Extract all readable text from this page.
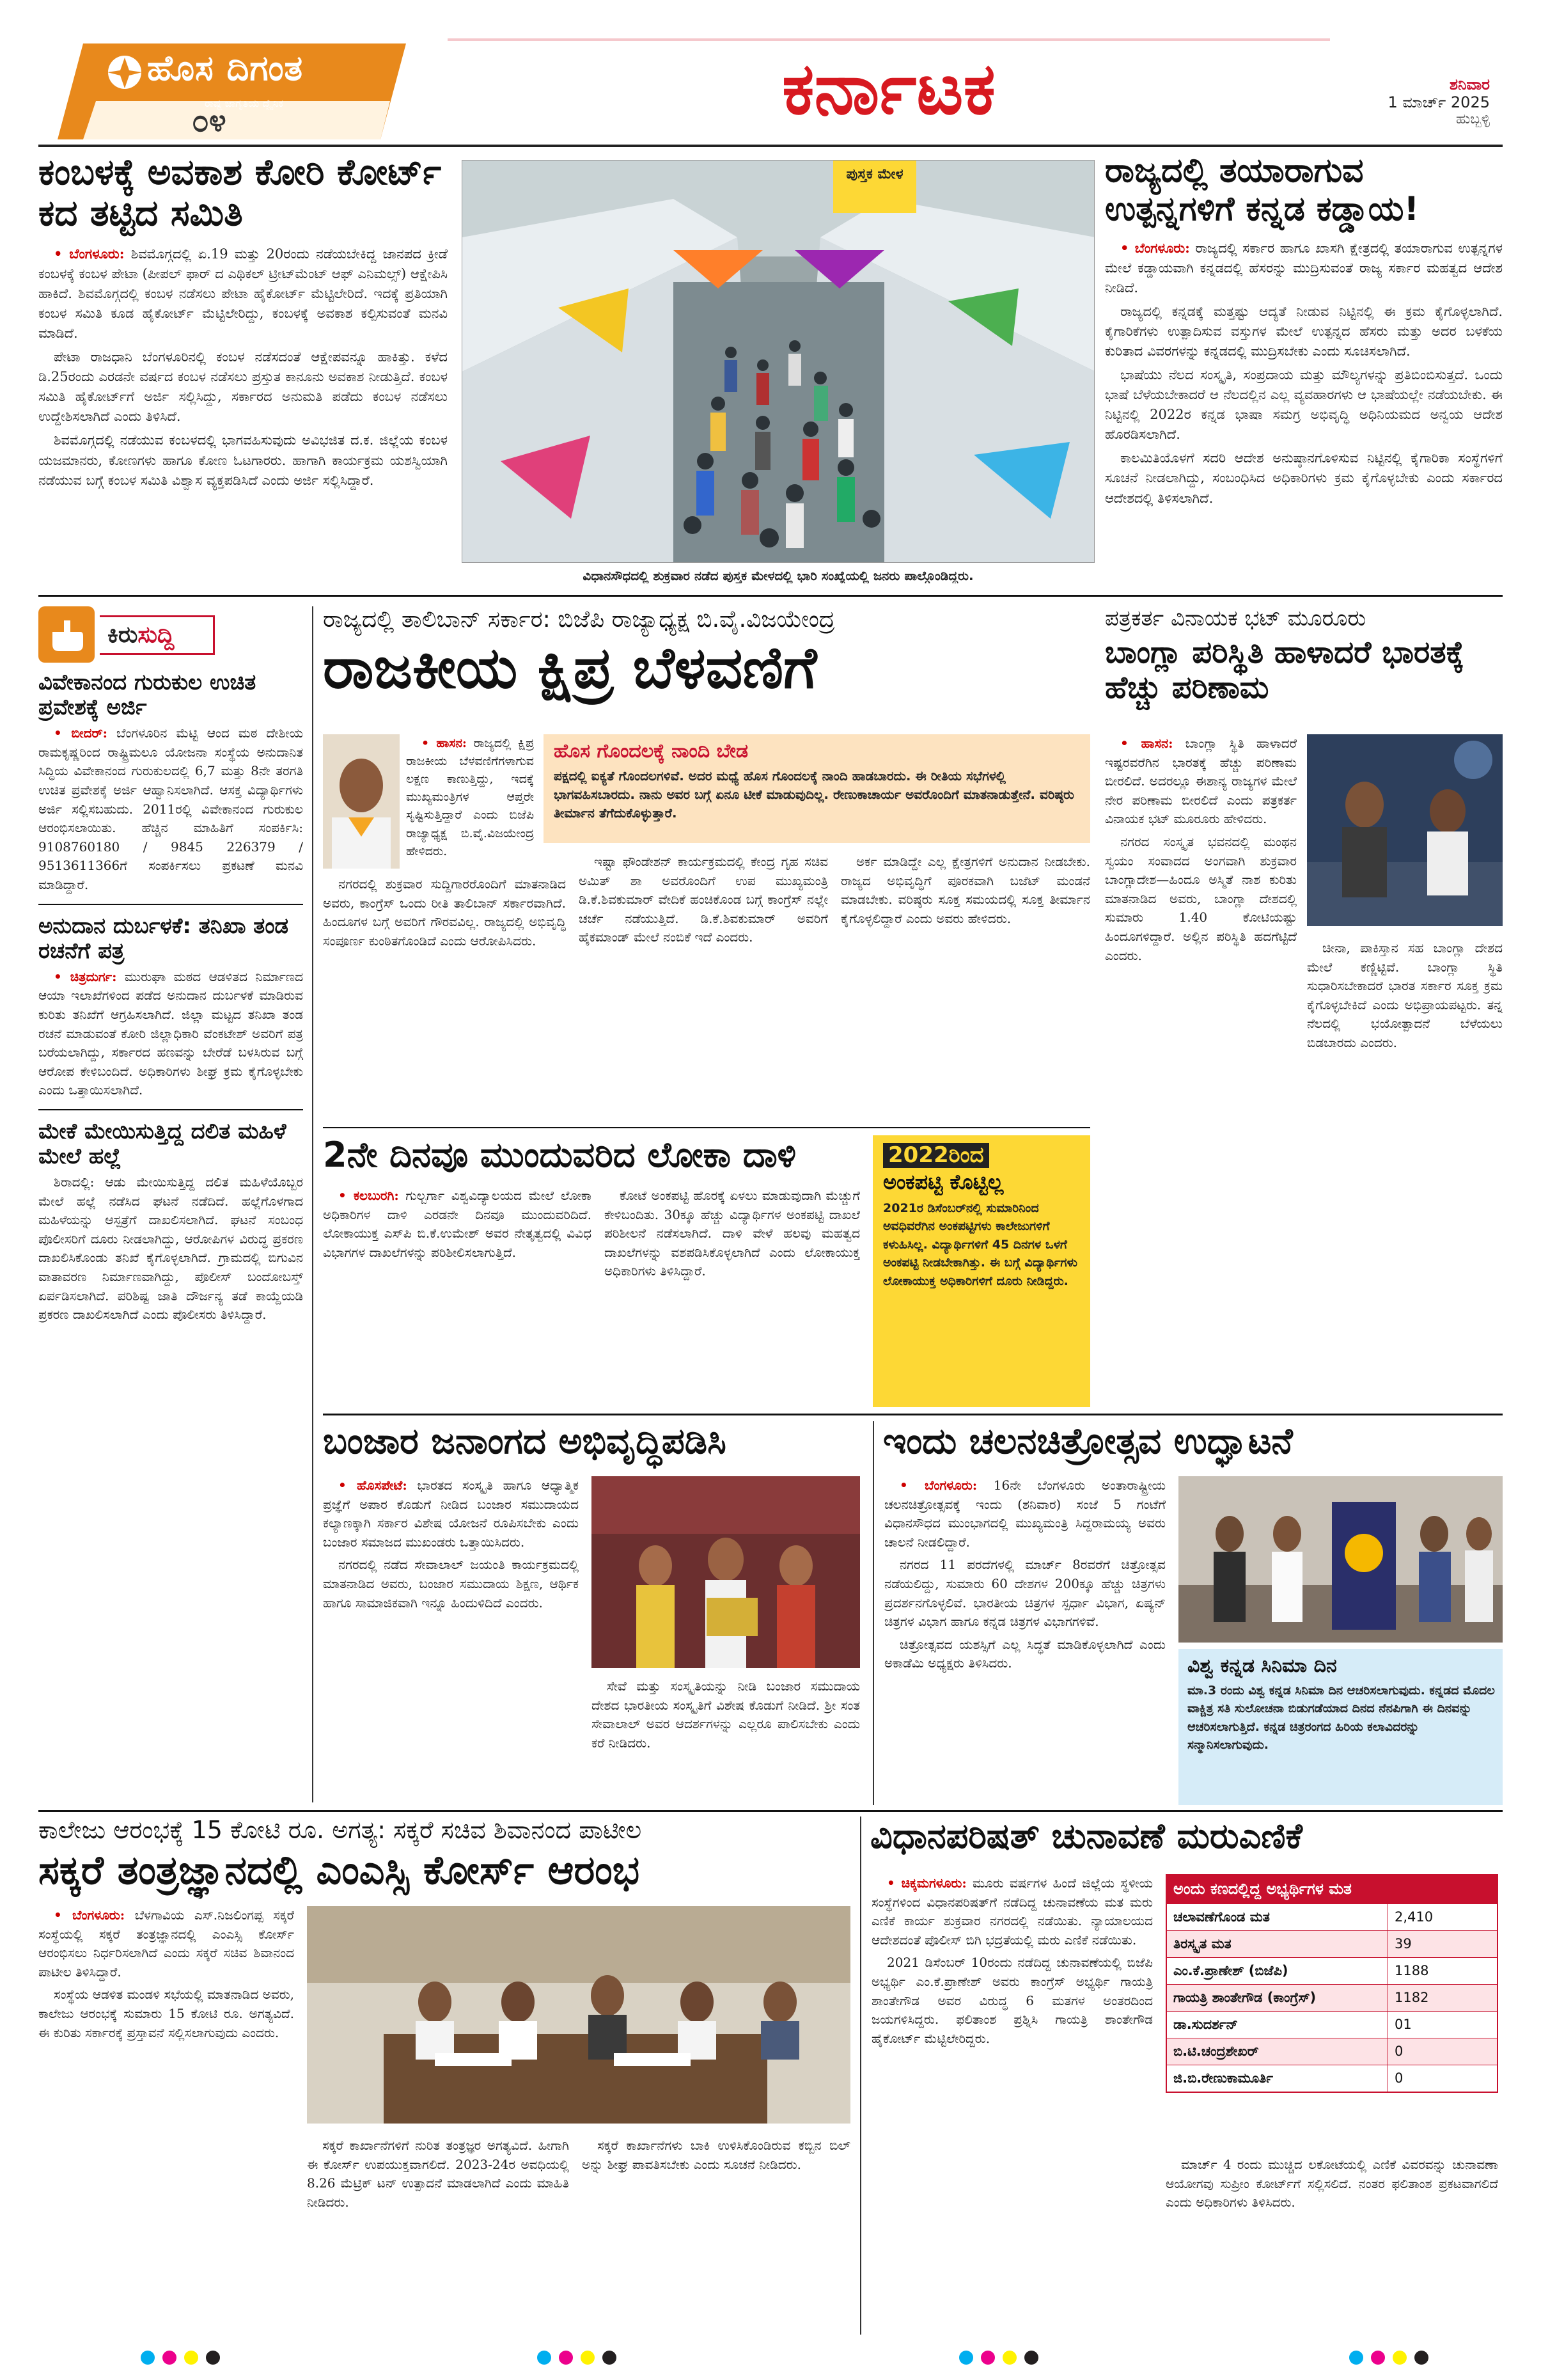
ಹೊಸ ದಿಗಂತ
ರಾಷ್ಟ್ರ ಜಾಗೃತಿಯ ದ್ವೈನಿಕ
೦೪	ಕರ್ನಾಟಕ	ಶನಿವಾರ
1 ಮಾರ್ಚ್ 2025
ಹುಬ್ಬಳ್ಳಿ
ಕಂಬಳಕ್ಕೆ ಅವಕಾಶ ಕೋರಿ ಕೋರ್ಟ್ ಕದ ತಟ್ಟಿದ ಸಮಿತಿ

• ಬೆಂಗಳೂರು: ಶಿವಮೊಗ್ಗದಲ್ಲಿ ಏ.19 ಮತ್ತು 20ರಂದು ನಡೆಯಬೇಕಿದ್ದ ಜಾನಪದ ಕ್ರೀಡೆ ಕಂಬಳಕ್ಕೆ ಕಂಬಳ ಪೇಟಾ (ಪೀಪಲ್ ಫಾರ್ ದ ಎಥಿಕಲ್ ಟ್ರೀಟ್‌ಮೆಂಟ್ ಆಫ್ ಎನಿಮಲ್ಸ್) ಆಕ್ಷೇಪಿಸಿ ಹಾಕಿದೆ. ಶಿವಮೊಗ್ಗದಲ್ಲಿ ಕಂಬಳ ನಡೆಸಲು ಪೇಟಾ ಹೈಕೋರ್ಟ್ ಮೆಟ್ಟಿಲೇರಿದೆ. ಇದಕ್ಕೆ ಪ್ರತಿಯಾಗಿ ಕಂಬಳ ಸಮಿತಿ ಕೂಡ ಹೈಕೋರ್ಟ್ ಮೆಟ್ಟಿಲೇರಿದ್ದು, ಕಂಬಳಕ್ಕೆ ಅವಕಾಶ ಕಲ್ಪಿಸುವಂತೆ ಮನವಿ ಮಾಡಿದೆ.

ಪೇಟಾ ರಾಜಧಾನಿ ಬೆಂಗಳೂರಿನಲ್ಲಿ ಕಂಬಳ ನಡೆಸದಂತೆ ಆಕ್ಷೇಪವನ್ನೂ ಹಾಕಿತ್ತು. ಕಳೆದ ಡಿ.25ರಂದು ಎರಡನೇ ವರ್ಷದ ಕಂಬಳ ನಡೆಸಲು ಪ್ರಸ್ತುತ ಕಾನೂನು ಅವಕಾಶ ನೀಡುತ್ತಿದೆ. ಕಂಬಳ ಸಮಿತಿ ಹೈಕೋರ್ಟ್‌ಗೆ ಅರ್ಜಿ ಸಲ್ಲಿಸಿದ್ದು, ಸರ್ಕಾರದ ಅನುಮತಿ ಪಡೆದು ಕಂಬಳ ನಡೆಸಲು ಉದ್ದೇಶಿಸಲಾಗಿದೆ ಎಂದು ತಿಳಿಸಿದೆ.

ಶಿವಮೊಗ್ಗದಲ್ಲಿ ನಡೆಯುವ ಕಂಬಳದಲ್ಲಿ ಭಾಗವಹಿಸುವುದು ಅವಿಭಜಿತ ದ.ಕ. ಜಿಲ್ಲೆಯ ಕಂಬಳ ಯಜಮಾನರು, ಕೋಣಗಳು ಹಾಗೂ ಕೋಣ ಓಟಗಾರರು. ಹಾಗಾಗಿ ಕಾರ್ಯಕ್ರಮ ಯಶಸ್ವಿಯಾಗಿ ನಡೆಯುವ ಬಗ್ಗೆ ಕಂಬಳ ಸಮಿತಿ ವಿಶ್ವಾಸ ವ್ಯಕ್ತಪಡಿಸಿದೆ ಎಂದು ಅರ್ಜಿ ಸಲ್ಲಿಸಿದ್ದಾರೆ.

ಪುಸ್ತಕ ಮೇಳ
ವಿಧಾನಸೌಧದಲ್ಲಿ ಶುಕ್ರವಾರ ನಡೆದ ಪುಸ್ತಕ ಮೇಳದಲ್ಲಿ ಭಾರಿ ಸಂಖ್ಯೆಯಲ್ಲಿ ಜನರು ಪಾಲ್ಗೊಂಡಿದ್ದರು.
ರಾಜ್ಯದಲ್ಲಿ ತಯಾರಾಗುವ ಉತ್ಪನ್ನಗಳಿಗೆ ಕನ್ನಡ ಕಡ್ಡಾಯ!

• ಬೆಂಗಳೂರು: ರಾಜ್ಯದಲ್ಲಿ ಸರ್ಕಾರ ಹಾಗೂ ಖಾಸಗಿ ಕ್ಷೇತ್ರದಲ್ಲಿ ತಯಾರಾಗುವ ಉತ್ಪನ್ನಗಳ ಮೇಲೆ ಕಡ್ಡಾಯವಾಗಿ ಕನ್ನಡದಲ್ಲಿ ಹೆಸರನ್ನು ಮುದ್ರಿಸುವಂತೆ ರಾಜ್ಯ ಸರ್ಕಾರ ಮಹತ್ವದ ಆದೇಶ ನೀಡಿದೆ.

ರಾಜ್ಯದಲ್ಲಿ ಕನ್ನಡಕ್ಕೆ ಮತ್ತಷ್ಟು ಆದ್ಯತೆ ನೀಡುವ ನಿಟ್ಟಿನಲ್ಲಿ ಈ ಕ್ರಮ ಕೈಗೊಳ್ಳಲಾಗಿದೆ. ಕೈಗಾರಿಕೆಗಳು ಉತ್ಪಾದಿಸುವ ವಸ್ತುಗಳ ಮೇಲೆ ಉತ್ಪನ್ನದ ಹೆಸರು ಮತ್ತು ಅದರ ಬಳಕೆಯ ಕುರಿತಾದ ವಿವರಗಳನ್ನು ಕನ್ನಡದಲ್ಲಿ ಮುದ್ರಿಸಬೇಕು ಎಂದು ಸೂಚಿಸಲಾಗಿದೆ.

ಭಾಷೆಯು ನೆಲದ ಸಂಸ್ಕೃತಿ, ಸಂಪ್ರದಾಯ ಮತ್ತು ಮೌಲ್ಯಗಳನ್ನು ಪ್ರತಿಬಿಂಬಿಸುತ್ತದೆ. ಒಂದು ಭಾಷೆ ಬೆಳೆಯಬೇಕಾದರೆ ಆ ನೆಲದಲ್ಲಿನ ಎಲ್ಲ ವ್ಯವಹಾರಗಳು ಆ ಭಾಷೆಯಲ್ಲೇ ನಡೆಯಬೇಕು. ಈ ನಿಟ್ಟಿನಲ್ಲಿ 2022ರ ಕನ್ನಡ ಭಾಷಾ ಸಮಗ್ರ ಅಭಿವೃದ್ಧಿ ಅಧಿನಿಯಮದ ಅನ್ವಯ ಆದೇಶ ಹೊರಡಿಸಲಾಗಿದೆ.

ಕಾಲಮಿತಿಯೊಳಗೆ ಸದರಿ ಆದೇಶ ಅನುಷ್ಠಾನಗೊಳಿಸುವ ನಿಟ್ಟಿನಲ್ಲಿ ಕೈಗಾರಿಕಾ ಸಂಸ್ಥೆಗಳಿಗೆ ಸೂಚನೆ ನೀಡಲಾಗಿದ್ದು, ಸಂಬಂಧಿಸಿದ ಅಧಿಕಾರಿಗಳು ಕ್ರಮ ಕೈಗೊಳ್ಳಬೇಕು ಎಂದು ಸರ್ಕಾರದ ಆದೇಶದಲ್ಲಿ ತಿಳಿಸಲಾಗಿದೆ.

ಕಿರುಸುದ್ದಿ
ವಿವೇಕಾನಂದ ಗುರುಕುಲ ಉಚಿತ ಪ್ರವೇಶಕ್ಕೆ ಅರ್ಜಿ

• ಬೀದರ್: ಬೆಂಗಳೂರಿನ ಮೆಟ್ಟಿ ಆಂದ ಮಠ ದೇಶೀಯ ರಾಮಕೃಷ್ಣರಿಂದ ರಾಷ್ಟ್ರಿಮಲೂ ಯೋಜನಾ ಸಂಸ್ಥೆಯ ಅನುದಾನಿತ ಸಿದ್ಧಿಯ ವಿವೇಕಾನಂದ ಗುರುಕುಲದಲ್ಲಿ 6,7 ಮತ್ತು 8ನೇ ತರಗತಿ ಉಚಿತ ಪ್ರವೇಶಕ್ಕೆ ಅರ್ಜಿ ಆಹ್ವಾನಿಸಲಾಗಿದೆ. ಆಸಕ್ತ ವಿದ್ಯಾರ್ಥಿಗಳು ಅರ್ಜಿ ಸಲ್ಲಿಸಬಹುದು. 2011ರಲ್ಲಿ ವಿವೇಕಾನಂದ ಗುರುಕುಲ ಆರಂಭಿಸಲಾಯಿತು. ಹೆಚ್ಚಿನ ಮಾಹಿತಿಗೆ ಸಂಪರ್ಕಿಸಿ: 9108760180 / 9845 226379 / 9513611366ಗೆ ಸಂಪರ್ಕಿಸಲು ಪ್ರಕಟಣೆ ಮನವಿ ಮಾಡಿದ್ದಾರೆ.

ಅನುದಾನ ದುರ್ಬಳಕೆ: ತನಿಖಾ ತಂಡ ರಚನೆಗೆ ಪತ್ರ

• ಚಿತ್ರದುರ್ಗ: ಮುರುಘಾ ಮಠದ ಆಡಳಿತದ ನಿರ್ಮಾಣದ ಆಯಾ ಇಲಾಖೆಗಳಿಂದ ಪಡೆದ ಅನುದಾನ ದುರ್ಬಳಕೆ ಮಾಡಿರುವ ಕುರಿತು ತನಿಖೆಗೆ ಆಗ್ರಹಿಸಲಾಗಿದೆ. ಜಿಲ್ಲಾ ಮಟ್ಟದ ತನಿಖಾ ತಂಡ ರಚನೆ ಮಾಡುವಂತೆ ಕೋರಿ ಜಿಲ್ಲಾಧಿಕಾರಿ ವೆಂಕಟೇಶ್ ಅವರಿಗೆ ಪತ್ರ ಬರೆಯಲಾಗಿದ್ದು, ಸರ್ಕಾರದ ಹಣವನ್ನು ಬೇರೆಡೆ ಬಳಸಿರುವ ಬಗ್ಗೆ ಆರೋಪ ಕೇಳಿಬಂದಿದೆ. ಅಧಿಕಾರಿಗಳು ಶೀಘ್ರ ಕ್ರಮ ಕೈಗೊಳ್ಳಬೇಕು ಎಂದು ಒತ್ತಾಯಿಸಲಾಗಿದೆ.

ಮೇಕೆ ಮೇಯಿಸುತ್ತಿದ್ದ ದಲಿತ ಮಹಿಳೆ ಮೇಲೆ ಹಲ್ಲೆ

ಶಿರಾದಲ್ಲಿ: ಆಡು ಮೇಯಿಸುತ್ತಿದ್ದ ದಲಿತ ಮಹಿಳೆಯೊಬ್ಬರ ಮೇಲೆ ಹಲ್ಲೆ ನಡೆಸಿದ ಘಟನೆ ನಡೆದಿದೆ. ಹಲ್ಲೆಗೊಳಗಾದ ಮಹಿಳೆಯನ್ನು ಆಸ್ಪತ್ರೆಗೆ ದಾಖಲಿಸಲಾಗಿದೆ. ಘಟನೆ ಸಂಬಂಧ ಪೊಲೀಸರಿಗೆ ದೂರು ನೀಡಲಾಗಿದ್ದು, ಆರೋಪಿಗಳ ವಿರುದ್ಧ ಪ್ರಕರಣ ದಾಖಲಿಸಿಕೊಂಡು ತನಿಖೆ ಕೈಗೊಳ್ಳಲಾಗಿದೆ. ಗ್ರಾಮದಲ್ಲಿ ಬಿಗುವಿನ ವಾತಾವರಣ ನಿರ್ಮಾಣವಾಗಿದ್ದು, ಪೊಲೀಸ್ ಬಂದೋಬಸ್ತ್ ಏರ್ಪಡಿಸಲಾಗಿದೆ. ಪರಿಶಿಷ್ಟ ಜಾತಿ ದೌರ್ಜನ್ಯ ತಡೆ ಕಾಯ್ದೆಯಡಿ ಪ್ರಕರಣ ದಾಖಲಿಸಲಾಗಿದೆ ಎಂದು ಪೊಲೀಸರು ತಿಳಿಸಿದ್ದಾರೆ.

ರಾಜ್ಯದಲ್ಲಿ ತಾಲಿಬಾನ್ ಸರ್ಕಾರ: ಬಿಜೆಪಿ ರಾಜ್ಯಾಧ್ಯಕ್ಷ ಬಿ.ವೈ.ವಿಜಯೇಂದ್ರ
ರಾಜಕೀಯ ಕ್ಷಿಪ್ರ ಬೆಳವಣಿಗೆ

• ಹಾಸನ: ರಾಜ್ಯದಲ್ಲಿ ಕ್ಷಿಪ್ರ ರಾಜಕೀಯ ಬೆಳವಣಿಗೆಗಳಾಗುವ ಲಕ್ಷಣ ಕಾಣುತ್ತಿದ್ದು, ಇದಕ್ಕೆ ಮುಖ್ಯಮಂತ್ರಿಗಳ ಆಪ್ತರೇ ಸೃಷ್ಟಿಸುತ್ತಿದ್ದಾರೆ ಎಂದು ಬಿಜೆಪಿ ರಾಜ್ಯಾಧ್ಯಕ್ಷ ಬಿ.ವೈ.ವಿಜಯೇಂದ್ರ ಹೇಳಿದರು.

ಹೊಸ ಗೊಂದಲಕ್ಕೆ ನಾಂದಿ ಬೇಡ
ಪಕ್ಷದಲ್ಲಿ ಐಕ್ಯತೆ ಗೊಂದಲಗಳಿವೆ. ಅದರ ಮಧ್ಯೆ ಹೊಸ ಗೊಂದಲಕ್ಕೆ ನಾಂದಿ ಹಾಡಬಾರದು. ಈ ರೀತಿಯ ಸಭೆಗಳಲ್ಲಿ ಭಾಗವಹಿಸಬಾರದು. ನಾನು ಅವರ ಬಗ್ಗೆ ಏನೂ ಟೀಕೆ ಮಾಡುವುದಿಲ್ಲ. ರೇಣುಕಾಚಾರ್ಯ ಅವರೊಂದಿಗೆ ಮಾತನಾಡುತ್ತೇನೆ. ವರಿಷ್ಠರು ತೀರ್ಮಾನ ತೆಗೆದುಕೊಳ್ಳುತ್ತಾರೆ.

ನಗರದಲ್ಲಿ ಶುಕ್ರವಾರ ಸುದ್ದಿಗಾರರೊಂದಿಗೆ ಮಾತನಾಡಿದ ಅವರು, ಕಾಂಗ್ರೆಸ್ ಒಂದು ರೀತಿ ತಾಲಿಬಾನ್ ಸರ್ಕಾರವಾಗಿದೆ. ಹಿಂದೂಗಳ ಬಗ್ಗೆ ಅವರಿಗೆ ಗೌರವವಿಲ್ಲ. ರಾಜ್ಯದಲ್ಲಿ ಅಭಿವೃದ್ಧಿ ಸಂಪೂರ್ಣ ಕುಂಠಿತಗೊಂಡಿದೆ ಎಂದು ಆರೋಪಿಸಿದರು.

ಇಷ್ಟಾ ಫೌಂಡೇಶನ್ ಕಾರ್ಯಕ್ರಮದಲ್ಲಿ ಕೇಂದ್ರ ಗೃಹ ಸಚಿವ ಅಮಿತ್ ಶಾ ಅವರೊಂದಿಗೆ ಉಪ ಮುಖ್ಯಮಂತ್ರಿ ಡಿ.ಕೆ.ಶಿವಕುಮಾರ್ ವೇದಿಕೆ ಹಂಚಿಕೊಂಡ ಬಗ್ಗೆ ಕಾಂಗ್ರೆಸ್ ನಲ್ಲೇ ಚರ್ಚೆ ನಡೆಯುತ್ತಿದೆ. ಡಿ.ಕೆ.ಶಿವಕುಮಾರ್ ಅವರಿಗೆ ಹೈಕಮಾಂಡ್ ಮೇಲೆ ನಂಬಿಕೆ ಇದೆ ಎಂದರು.

ಅರ್ಕ ಮಾಡಿದ್ದೇ ಎಲ್ಲ ಕ್ಷೇತ್ರಗಳಿಗೆ ಅನುದಾನ ನೀಡಬೇಕು. ರಾಜ್ಯದ ಅಭಿವೃದ್ಧಿಗೆ ಪೂರಕವಾಗಿ ಬಜೆಟ್ ಮಂಡನೆ ಮಾಡಬೇಕು. ವರಿಷ್ಠರು ಸೂಕ್ತ ಸಮಯದಲ್ಲಿ ಸೂಕ್ತ ತೀರ್ಮಾನ ಕೈಗೊಳ್ಳಲಿದ್ದಾರೆ ಎಂದು ಅವರು ಹೇಳಿದರು.

ಪತ್ರಕರ್ತ ವಿನಾಯಕ ಭಟ್ ಮೂರೂರು
ಬಾಂಗ್ಲಾ ಪರಿಸ್ಥಿತಿ ಹಾಳಾದರೆ ಭಾರತಕ್ಕೆ ಹೆಚ್ಚು ಪರಿಣಾಮ

• ಹಾಸನ: ಬಾಂಗ್ಲಾ ಸ್ಥಿತಿ ಹಾಳಾದರೆ ಇಷ್ಟರವರೆಗಿನ ಭಾರತಕ್ಕೆ ಹೆಚ್ಚು ಪರಿಣಾಮ ಬೀರಲಿದೆ. ಅದರಲ್ಲೂ ಈಶಾನ್ಯ ರಾಜ್ಯಗಳ ಮೇಲೆ ನೇರ ಪರಿಣಾಮ ಬೀರಲಿದೆ ಎಂದು ಪತ್ರಕರ್ತ ವಿನಾಯಕ ಭಟ್ ಮೂರೂರು ಹೇಳಿದರು.

ನಗರದ ಸಂಸ್ಕೃತ ಭವನದಲ್ಲಿ ಮಂಥನ ಸ್ವಯಂ ಸಂವಾದದ ಅಂಗವಾಗಿ ಶುಕ್ರವಾರ ಬಾಂಗ್ಲಾದೇಶ—ಹಿಂದೂ ಅಸ್ಮಿತೆ ನಾಶ ಕುರಿತು ಮಾತನಾಡಿದ ಅವರು, ಬಾಂಗ್ಲಾ ದೇಶದಲ್ಲಿ ಸುಮಾರು 1.40 ಕೋಟಿಯಷ್ಟು ಹಿಂದೂಗಳಿದ್ದಾರೆ. ಅಲ್ಲಿನ ಪರಿಸ್ಥಿತಿ ಹದಗೆಟ್ಟಿದೆ ಎಂದರು.	ಚೀನಾ, ಪಾಕಿಸ್ತಾನ ಸಹ ಬಾಂಗ್ಲಾ ದೇಶದ ಮೇಲೆ ಕಣ್ಣಿಟ್ಟಿವೆ. ಬಾಂಗ್ಲಾ ಸ್ಥಿತಿ ಸುಧಾರಿಸಬೇಕಾದರೆ ಭಾರತ ಸರ್ಕಾರ ಸೂಕ್ತ ಕ್ರಮ ಕೈಗೊಳ್ಳಬೇಕಿದೆ ಎಂದು ಅಭಿಪ್ರಾಯಪಟ್ಟರು. ತನ್ನ ನೆಲದಲ್ಲಿ ಭಯೋತ್ಪಾದನೆ ಬೆಳೆಯಲು ಬಿಡಬಾರದು ಎಂದರು.

2ನೇ ದಿನವೂ ಮುಂದುವರಿದ ಲೋಕಾ ದಾಳಿ

• ಕಲಬುರಗಿ: ಗುಲ್ಬರ್ಗಾ ವಿಶ್ವವಿದ್ಯಾಲಯದ ಮೇಲೆ ಲೋಕಾ ಅಧಿಕಾರಿಗಳ ದಾಳಿ ಎರಡನೇ ದಿನವೂ ಮುಂದುವರಿದಿದೆ. ಲೋಕಾಯುಕ್ತ ಎಸ್‌ಪಿ ಬಿ.ಕೆ.ಉಮೇಶ್ ಅವರ ನೇತೃತ್ವದಲ್ಲಿ ವಿವಿಧ ವಿಭಾಗಗಳ ದಾಖಲೆಗಳನ್ನು ಪರಿಶೀಲಿಸಲಾಗುತ್ತಿದೆ.

ಕೋಟೆ ಅಂಕಪಟ್ಟಿ ಹೊರಕ್ಕೆ ಏಳಲು ಮಾಡುವುದಾಗಿ ಮೆಚ್ಚುಗೆ ಕೇಳಿಬಂದಿತು. 30ಕ್ಕೂ ಹೆಚ್ಚು ವಿದ್ಯಾರ್ಥಿಗಳ ಅಂಕಪಟ್ಟಿ ದಾಖಲೆ ಪರಿಶೀಲನೆ ನಡೆಸಲಾಗಿದೆ. ದಾಳಿ ವೇಳೆ ಹಲವು ಮಹತ್ವದ ದಾಖಲೆಗಳನ್ನು ವಶಪಡಿಸಿಕೊಳ್ಳಲಾಗಿದೆ ಎಂದು ಲೋಕಾಯುಕ್ತ ಅಧಿಕಾರಿಗಳು ತಿಳಿಸಿದ್ದಾರೆ.

2022ರಿಂದ
ಅಂಕಪಟ್ಟಿ ಕೊಟ್ಟಿಲ್ಲ
2021ರ ಡಿಸೆಂಬರ್‌ನಲ್ಲಿ ಸುಮಾರಿನಿಂದ ಅವಧಿವರೆಗಿನ ಅಂಕಪಟ್ಟಿಗಳು ಕಾಲೇಜುಗಳಿಗೆ ಕಳುಹಿಸಿಲ್ಲ. ವಿದ್ಯಾರ್ಥಿಗಳಿಗೆ 45 ದಿನಗಳ ಒಳಗೆ ಅಂಕಪಟ್ಟಿ ನೀಡಬೇಕಾಗಿತ್ತು. ಈ ಬಗ್ಗೆ ವಿದ್ಯಾರ್ಥಿಗಳು ಲೋಕಾಯುಕ್ತ ಅಧಿಕಾರಿಗಳಿಗೆ ದೂರು ನೀಡಿದ್ದರು.
ಬಂಜಾರ ಜನಾಂಗದ ಅಭಿವೃದ್ಧಿಪಡಿಸಿ

• ಹೊಸಪೇಟೆ: ಭಾರತದ ಸಂಸ್ಕೃತಿ ಹಾಗೂ ಆಧ್ಯಾತ್ಮಿಕ ಪ್ರಜ್ಞೆಗೆ ಅಪಾರ ಕೊಡುಗೆ ನೀಡಿದ ಬಂಜಾರ ಸಮುದಾಯದ ಕಲ್ಯಾಣಕ್ಕಾಗಿ ಸರ್ಕಾರ ವಿಶೇಷ ಯೋಜನೆ ರೂಪಿಸಬೇಕು ಎಂದು ಬಂಜಾರ ಸಮಾಜದ ಮುಖಂಡರು ಒತ್ತಾಯಿಸಿದರು.

ನಗರದಲ್ಲಿ ನಡೆದ ಸೇವಾಲಾಲ್ ಜಯಂತಿ ಕಾರ್ಯಕ್ರಮದಲ್ಲಿ ಮಾತನಾಡಿದ ಅವರು, ಬಂಜಾರ ಸಮುದಾಯ ಶಿಕ್ಷಣ, ಆರ್ಥಿಕ ಹಾಗೂ ಸಾಮಾಜಿಕವಾಗಿ ಇನ್ನೂ ಹಿಂದುಳಿದಿದೆ ಎಂದರು.

ಸೇವೆ ಮತ್ತು ಸಂಸ್ಕೃತಿಯನ್ನು ನೀಡಿ ಬಂಜಾರ ಸಮುದಾಯ ದೇಶದ ಭಾರತೀಯ ಸಂಸ್ಕೃತಿಗೆ ವಿಶೇಷ ಕೊಡುಗೆ ನೀಡಿದೆ. ಶ್ರೀ ಸಂತ ಸೇವಾಲಾಲ್ ಅವರ ಆದರ್ಶಗಳನ್ನು ಎಲ್ಲರೂ ಪಾಲಿಸಬೇಕು ಎಂದು ಕರೆ ನೀಡಿದರು.

ಇಂದು ಚಲನಚಿತ್ರೋತ್ಸವ ಉದ್ಘಾಟನೆ

• ಬೆಂಗಳೂರು: 16ನೇ ಬೆಂಗಳೂರು ಅಂತಾರಾಷ್ಟ್ರೀಯ ಚಲನಚಿತ್ರೋತ್ಸವಕ್ಕೆ ಇಂದು (ಶನಿವಾರ) ಸಂಜೆ 5 ಗಂಟೆಗೆ ವಿಧಾನಸೌಧದ ಮುಂಭಾಗದಲ್ಲಿ ಮುಖ್ಯಮಂತ್ರಿ ಸಿದ್ದರಾಮಯ್ಯ ಅವರು ಚಾಲನೆ ನೀಡಲಿದ್ದಾರೆ.

ನಗರದ 11 ಪರದೆಗಳಲ್ಲಿ ಮಾರ್ಚ್ 8ರವರೆಗೆ ಚಿತ್ರೋತ್ಸವ ನಡೆಯಲಿದ್ದು, ಸುಮಾರು 60 ದೇಶಗಳ 200ಕ್ಕೂ ಹೆಚ್ಚು ಚಿತ್ರಗಳು ಪ್ರದರ್ಶನಗೊಳ್ಳಲಿವೆ. ಭಾರತೀಯ ಚಿತ್ರಗಳ ಸ್ಪರ್ಧಾ ವಿಭಾಗ, ಏಷ್ಯನ್ ಚಿತ್ರಗಳ ವಿಭಾಗ ಹಾಗೂ ಕನ್ನಡ ಚಿತ್ರಗಳ ವಿಭಾಗಗಳಿವೆ.

ಚಿತ್ರೋತ್ಸವದ ಯಶಸ್ಸಿಗೆ ಎಲ್ಲ ಸಿದ್ಧತೆ ಮಾಡಿಕೊಳ್ಳಲಾಗಿದೆ ಎಂದು ಅಕಾಡೆಮಿ ಅಧ್ಯಕ್ಷರು ತಿಳಿಸಿದರು.	ವಿಶ್ವ ಕನ್ನಡ ಸಿನಿಮಾ ದಿನ
ಮಾ.3 ರಂದು ವಿಶ್ವ ಕನ್ನಡ ಸಿನಿಮಾ ದಿನ ಆಚರಿಸಲಾಗುವುದು. ಕನ್ನಡದ ಮೊದಲ ವಾಕ್ಚಿತ್ರ ಸತಿ ಸುಲೋಚನಾ ಬಿಡುಗಡೆಯಾದ ದಿನದ ನೆನಪಿಗಾಗಿ ಈ ದಿನವನ್ನು ಆಚರಿಸಲಾಗುತ್ತಿದೆ. ಕನ್ನಡ ಚಿತ್ರರಂಗದ ಹಿರಿಯ ಕಲಾವಿದರನ್ನು ಸನ್ಮಾನಿಸಲಾಗುವುದು.
ಕಾಲೇಜು ಆರಂಭಕ್ಕೆ 15 ಕೋಟಿ ರೂ. ಅಗತ್ಯ: ಸಕ್ಕರೆ ಸಚಿವ ಶಿವಾನಂದ ಪಾಟೀಲ
ಸಕ್ಕರೆ ತಂತ್ರಜ್ಞಾನದಲ್ಲಿ ಎಂಎಸ್ಸಿ ಕೋರ್ಸ್ ಆರಂಭ

• ಬೆಂಗಳೂರು: ಬೆಳಗಾವಿಯ ಎಸ್.ನಿಜಲಿಂಗಪ್ಪ ಸಕ್ಕರೆ ಸಂಸ್ಥೆಯಲ್ಲಿ ಸಕ್ಕರೆ ತಂತ್ರಜ್ಞಾನದಲ್ಲಿ ಎಂಎಸ್ಸಿ ಕೋರ್ಸ್ ಆರಂಭಿಸಲು ನಿರ್ಧರಿಸಲಾಗಿದೆ ಎಂದು ಸಕ್ಕರೆ ಸಚಿವ ಶಿವಾನಂದ ಪಾಟೀಲ ತಿಳಿಸಿದ್ದಾರೆ.

ಸಂಸ್ಥೆಯ ಆಡಳಿತ ಮಂಡಳಿ ಸಭೆಯಲ್ಲಿ ಮಾತನಾಡಿದ ಅವರು, ಕಾಲೇಜು ಆರಂಭಕ್ಕೆ ಸುಮಾರು 15 ಕೋಟಿ ರೂ. ಅಗತ್ಯವಿದೆ. ಈ ಕುರಿತು ಸರ್ಕಾರಕ್ಕೆ ಪ್ರಸ್ತಾವನೆ ಸಲ್ಲಿಸಲಾಗುವುದು ಎಂದರು.

ಸಕ್ಕರೆ ಕಾರ್ಖಾನೆಗಳಿಗೆ ನುರಿತ ತಂತ್ರಜ್ಞರ ಅಗತ್ಯವಿದೆ. ಹೀಗಾಗಿ ಈ ಕೋರ್ಸ್ ಉಪಯುಕ್ತವಾಗಲಿದೆ. 2023-24ರ ಅವಧಿಯಲ್ಲಿ 8.26 ಮೆಟ್ರಿಕ್ ಟನ್ ಉತ್ಪಾದನೆ ಮಾಡಲಾಗಿದೆ ಎಂದು ಮಾಹಿತಿ ನೀಡಿದರು.

ಸಕ್ಕರೆ ಕಾರ್ಖಾನೆಗಳು ಬಾಕಿ ಉಳಿಸಿಕೊಂಡಿರುವ ಕಬ್ಬಿನ ಬಿಲ್ ಅನ್ನು ಶೀಘ್ರ ಪಾವತಿಸಬೇಕು ಎಂದು ಸೂಚನೆ ನೀಡಿದರು.

ವಿಧಾನಪರಿಷತ್ ಚುನಾವಣೆ ಮರುಎಣಿಕೆ

• ಚಿಕ್ಕಮಗಳೂರು: ಮೂರು ವರ್ಷಗಳ ಹಿಂದೆ ಜಿಲ್ಲೆಯ ಸ್ಥಳೀಯ ಸಂಸ್ಥೆಗಳಿಂದ ವಿಧಾನಪರಿಷತ್‌ಗೆ ನಡೆದಿದ್ದ ಚುನಾವಣೆಯ ಮತ ಮರು ಎಣಿಕೆ ಕಾರ್ಯ ಶುಕ್ರವಾರ ನಗರದಲ್ಲಿ ನಡೆಯಿತು. ನ್ಯಾಯಾಲಯದ ಆದೇಶದಂತೆ ಪೊಲೀಸ್ ಬಿಗಿ ಭದ್ರತೆಯಲ್ಲಿ ಮರು ಎಣಿಕೆ ನಡೆಯಿತು.

2021 ಡಿಸೆಂಬರ್ 10ರಂದು ನಡೆದಿದ್ದ ಚುನಾವಣೆಯಲ್ಲಿ ಬಿಜೆಪಿ ಅಭ್ಯರ್ಥಿ ಎಂ.ಕೆ.ಪ್ರಾಣೇಶ್ ಅವರು ಕಾಂಗ್ರೆಸ್ ಅಭ್ಯರ್ಥಿ ಗಾಯತ್ರಿ ಶಾಂತೇಗೌಡ ಅವರ ವಿರುದ್ಧ 6 ಮತಗಳ ಅಂತರದಿಂದ ಜಯಗಳಿಸಿದ್ದರು. ಫಲಿತಾಂಶ ಪ್ರಶ್ನಿಸಿ ಗಾಯತ್ರಿ ಶಾಂತೇಗೌಡ ಹೈಕೋರ್ಟ್ ಮೆಟ್ಟಿಲೇರಿದ್ದರು.

ಅಂದು ಕಣದಲ್ಲಿದ್ದ ಅಭ್ಯರ್ಥಿಗಳ ಮತ
ಚಲಾವಣೆಗೊಂಡ ಮತ	2,410
ತಿರಸ್ಕೃತ ಮತ	39
ಎಂ.ಕೆ.ಪ್ರಾಣೇಶ್ (ಬಿಜೆಪಿ)	1188
ಗಾಯತ್ರಿ ಶಾಂತೇಗೌಡ (ಕಾಂಗ್ರೆಸ್)	1182
ಡಾ.ಸುದರ್ಶನ್	01
ಬಿ.ಟಿ.ಚಂದ್ರಶೇಖರ್	0
ಜಿ.ಬಿ.ರೇಣುಕಾಮೂರ್ತಿ	0

ಮಾರ್ಚ್ 4 ರಂದು ಮುಚ್ಚಿದ ಲಕೋಟೆಯಲ್ಲಿ ಎಣಿಕೆ ವಿವರವನ್ನು ಚುನಾವಣಾ ಆಯೋಗವು ಸುಪ್ರೀಂ ಕೋರ್ಟ್‌ಗೆ ಸಲ್ಲಿಸಲಿದೆ. ನಂತರ ಫಲಿತಾಂಶ ಪ್ರಕಟವಾಗಲಿದೆ ಎಂದು ಅಧಿಕಾರಿಗಳು ತಿಳಿಸಿದರು.
